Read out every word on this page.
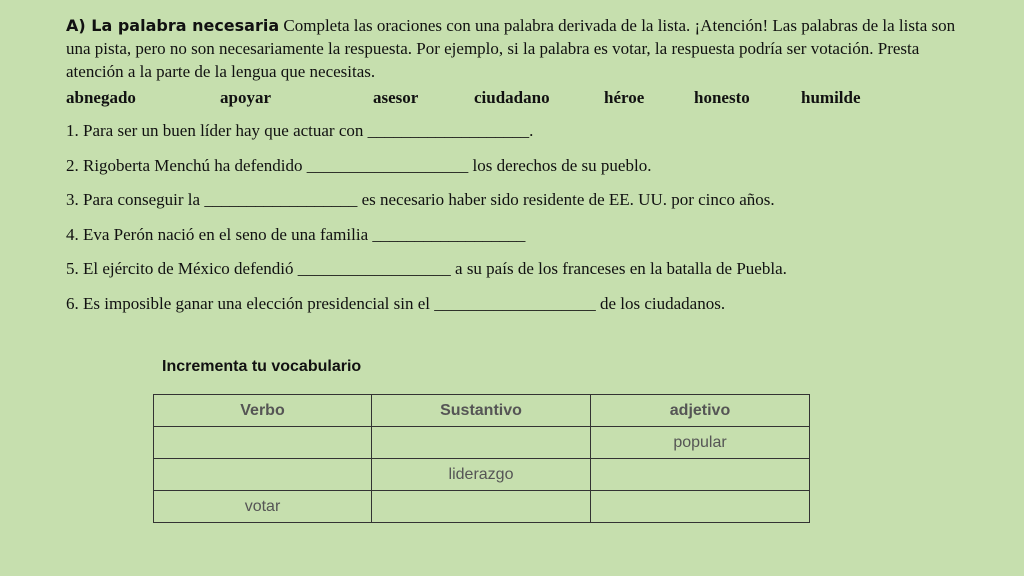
A) La palabra necesaria Completa las oraciones con una palabra derivada de la lista. ¡Atención! Las palabras de la lista son una pista, pero no son necesariamente la respuesta. Por ejemplo, si la palabra es votar, la respuesta podría ser votación. Presta atención a la parte de la lengua que necesitas.

abnegado	apoyar	asesor	ciudadano	héroe	honesto	humilde
1. Para ser un buen líder hay que actuar con ___________________.
2. Rigoberta Menchú ha defendido ___________________ los derechos de su pueblo.
3. Para conseguir la __________________ es necesario haber sido residente de EE. UU. por cinco años.
4. Eva Perón nació en el seno de una familia __________________
5. El ejército de México defendió __________________ a su país de los franceses en la batalla de Puebla.
6. Es imposible ganar una elección presidencial sin el ___________________ de los ciudadanos.

Incrementa tu vocabulario

Verbo	Sustantivo	adjetivo
		popular
	liderazgo	
votar		
